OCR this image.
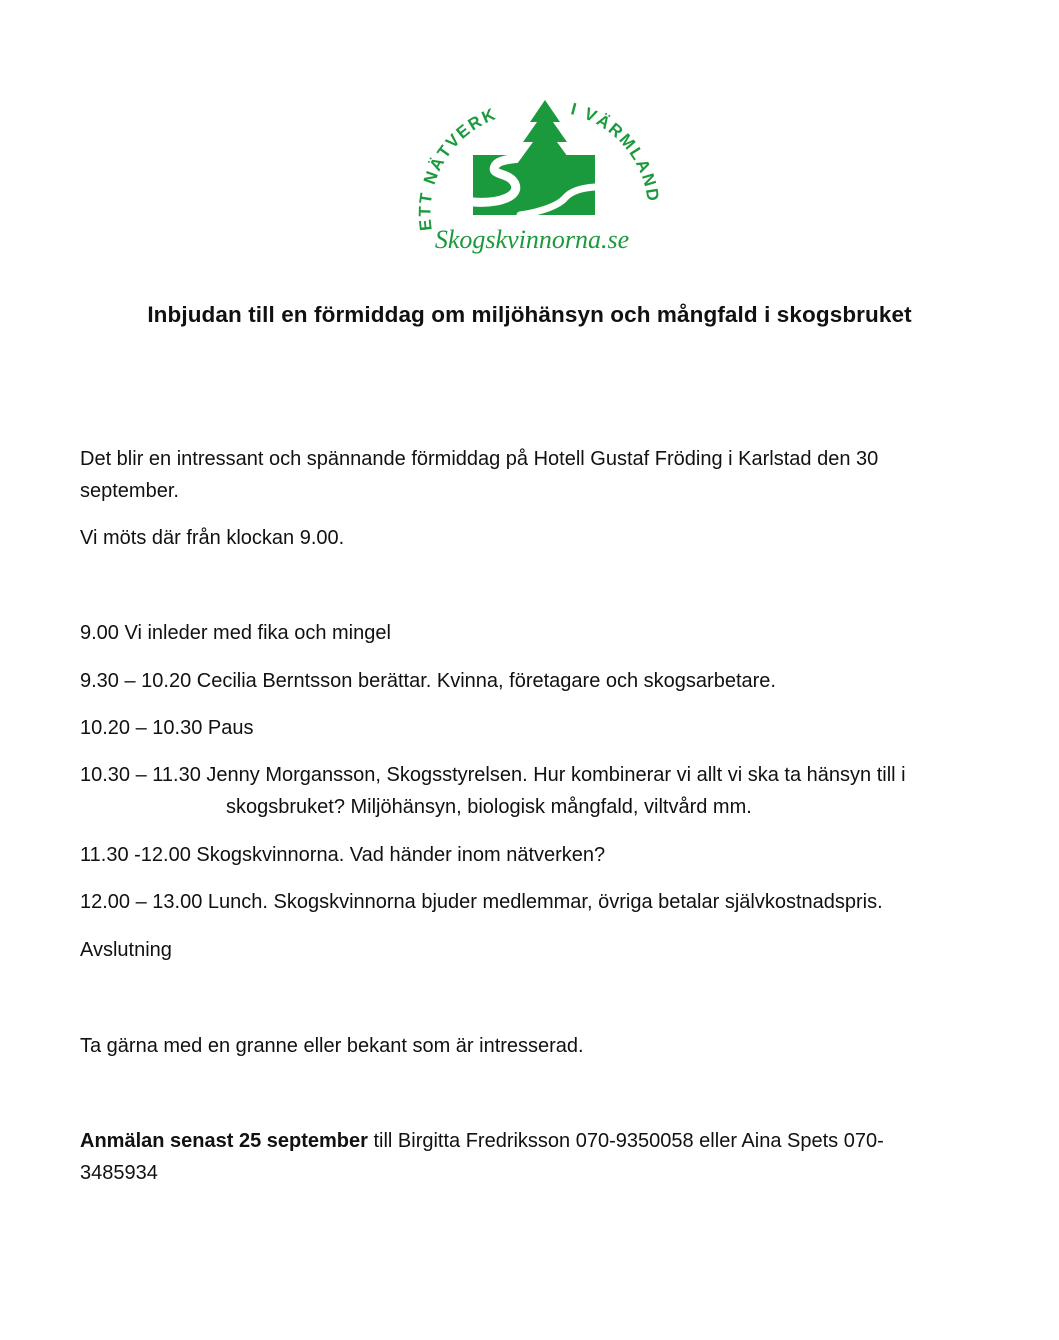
ETT NÄTVERK	I VÄRMLAND
Skogskvinnorna.se
Inbjudan till en förmiddag om miljöhänsyn och mångfald i skogsbruket
Det blir en intressant och spännande förmiddag på Hotell Gustaf Fröding i Karlstad den 30
september.
Vi möts där från klockan 9.00.
9.00 Vi inleder med fika och mingel
9.30 – 10.20 Cecilia Berntsson berättar. Kvinna, företagare och skogsarbetare.
10.20 – 10.30 Paus
10.30 – 11.30 Jenny Morgansson, Skogsstyrelsen. Hur kombinerar vi allt vi ska ta hänsyn till i
skogsbruket? Miljöhänsyn, biologisk mångfald, viltvård mm.
11.30 -12.00 Skogskvinnorna. Vad händer inom nätverken?
12.00 – 13.00 Lunch. Skogskvinnorna bjuder medlemmar, övriga betalar självkostnadspris.
Avslutning
Ta gärna med en granne eller bekant som är intresserad.
Anmälan senast 25 september till Birgitta Fredriksson 070-9350058 eller Aina Spets 070-
3485934
